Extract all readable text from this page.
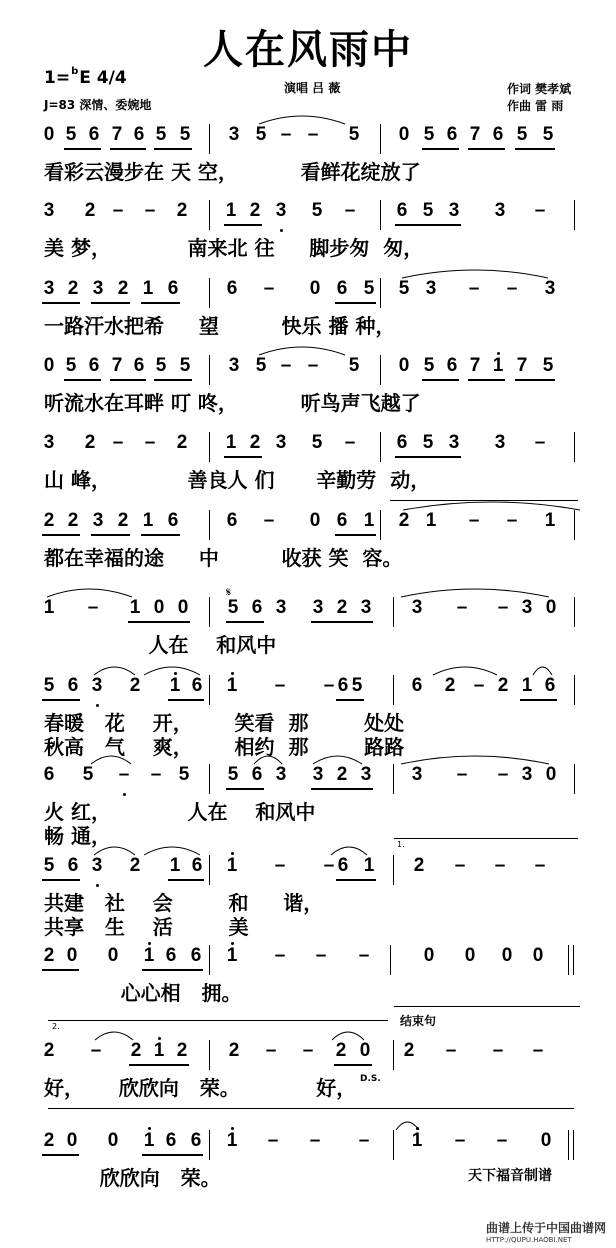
人在风雨中
1=$^b$E 4/4
J=83 深情、委婉地
演唱 吕 薇	作词 樊孝斌
作曲 雷 雨
0 5 6 7 6 5 5 3 5 – – 5 0 5 6 7 6 5 5
看彩云漫步在 天 空，         看鲜花绽放了
3 2 – – 2 1 2 3 5 – 6 5 3 3 –
美 梦，           南来北 往     脚步匆  匆，
3 2 3 2 1 6	6 – 0 6 5 5 3 – – 3
一路汗水把希     望         快乐 播 种，
0 5 6 7 6 5 5 3 5 – – 5 0 5 6 7 1 7 5
听流水在耳畔 叮 咚，         听鸟声飞越了
3 2 – – 2 1 2 3 5 – 6 5 3 3 –
山 峰，           善良人 们      辛勤劳  动，
2 2 3 2 1 6	6 – 0 6 1 2 1 – – 1
都在幸福的途     中         收获 笑  容。
1 – 1 0 0 5 6 3 3 2 3 3 – – 3 0
人在    和风中
5 6 3 2 1 6 1 – – 6 5	6 2 – 2 1 6
春暖   花    开，      笑看  那        处处
秋高   气    爽，      相约  那        路路
6 5 – – 5 5 6 3 3 2 3 3 – – 3 0
火 红，           人在    和风中
畅 通，
5 6 3 2 1 6 1 – – 6 1 2 – – –
共建   社    会        和     谐，
共享   生    活        美
2 0 0 1 6 6 1 – – –	0 0 0 0
心心相   拥。
2 – 2 1 2 2 – – 2 0 2 – – –
好，     欣欣向   荣。           好，
2 0 0 1 6 6 1 – – – 1 – – 0
欣欣向   荣。
1.
2.
𝄋
结束句
D.S.
天下福音制谱
曲谱上传于中国曲谱网
HTTP://QUPU.HAOBI.NET
